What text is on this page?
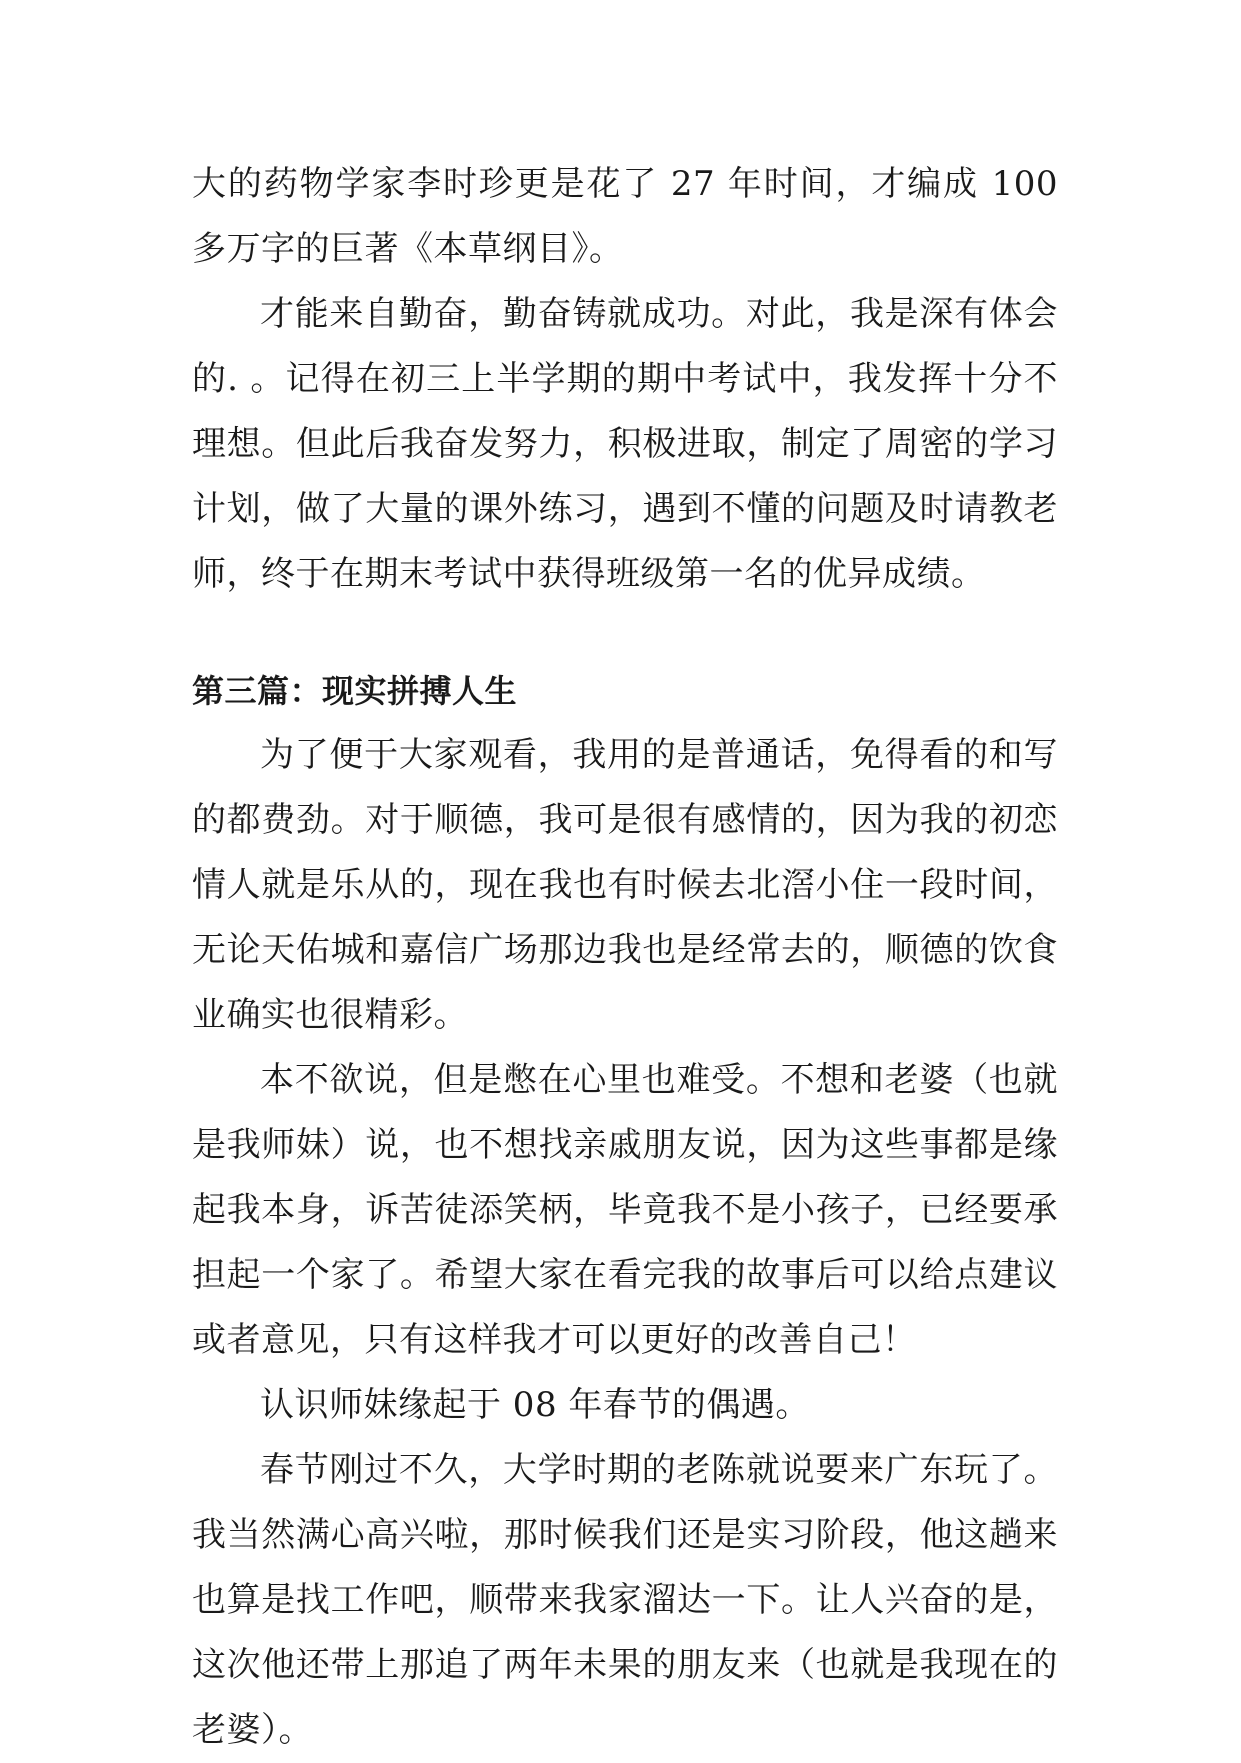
大的药物学家李时珍更是花了 27 年时间，才编成 100 多万字的巨著《本草纲目》。

才能来自勤奋，勤奋铸就成功。对此，我是深有体会的. 。记得在初三上半学期的期中考试中，我发挥十分不理想。但此后我奋发努力，积极进取，制定了周密的学习计划，做了大量的课外练习，遇到不懂的问题及时请教老师，终于在期末考试中获得班级第一名的优异成绩。

第三篇：现实拼搏人生

为了便于大家观看，我用的是普通话，免得看的和写的都费劲。对于顺德，我可是很有感情的，因为我的初恋情人就是乐从的，现在我也有时候去北滘小住一段时间，无论天佑城和嘉信广场那边我也是经常去的，顺德的饮食业确实也很精彩。

本不欲说，但是憋在心里也难受。不想和老婆（也就是我师妹）说，也不想找亲戚朋友说，因为这些事都是缘起我本身，诉苦徒添笑柄，毕竟我不是小孩子，已经要承担起一个家了。希望大家在看完我的故事后可以给点建议或者意见，只有这样我才可以更好的改善自己！

认识师妹缘起于 08 年春节的偶遇。

春节刚过不久，大学时期的老陈就说要来广东玩了。我当然满心高兴啦，那时候我们还是实习阶段，他这趟来也算是找工作吧，顺带来我家溜达一下。让人兴奋的是，这次他还带上那追了两年未果的朋友来（也就是我现在的老婆）。
